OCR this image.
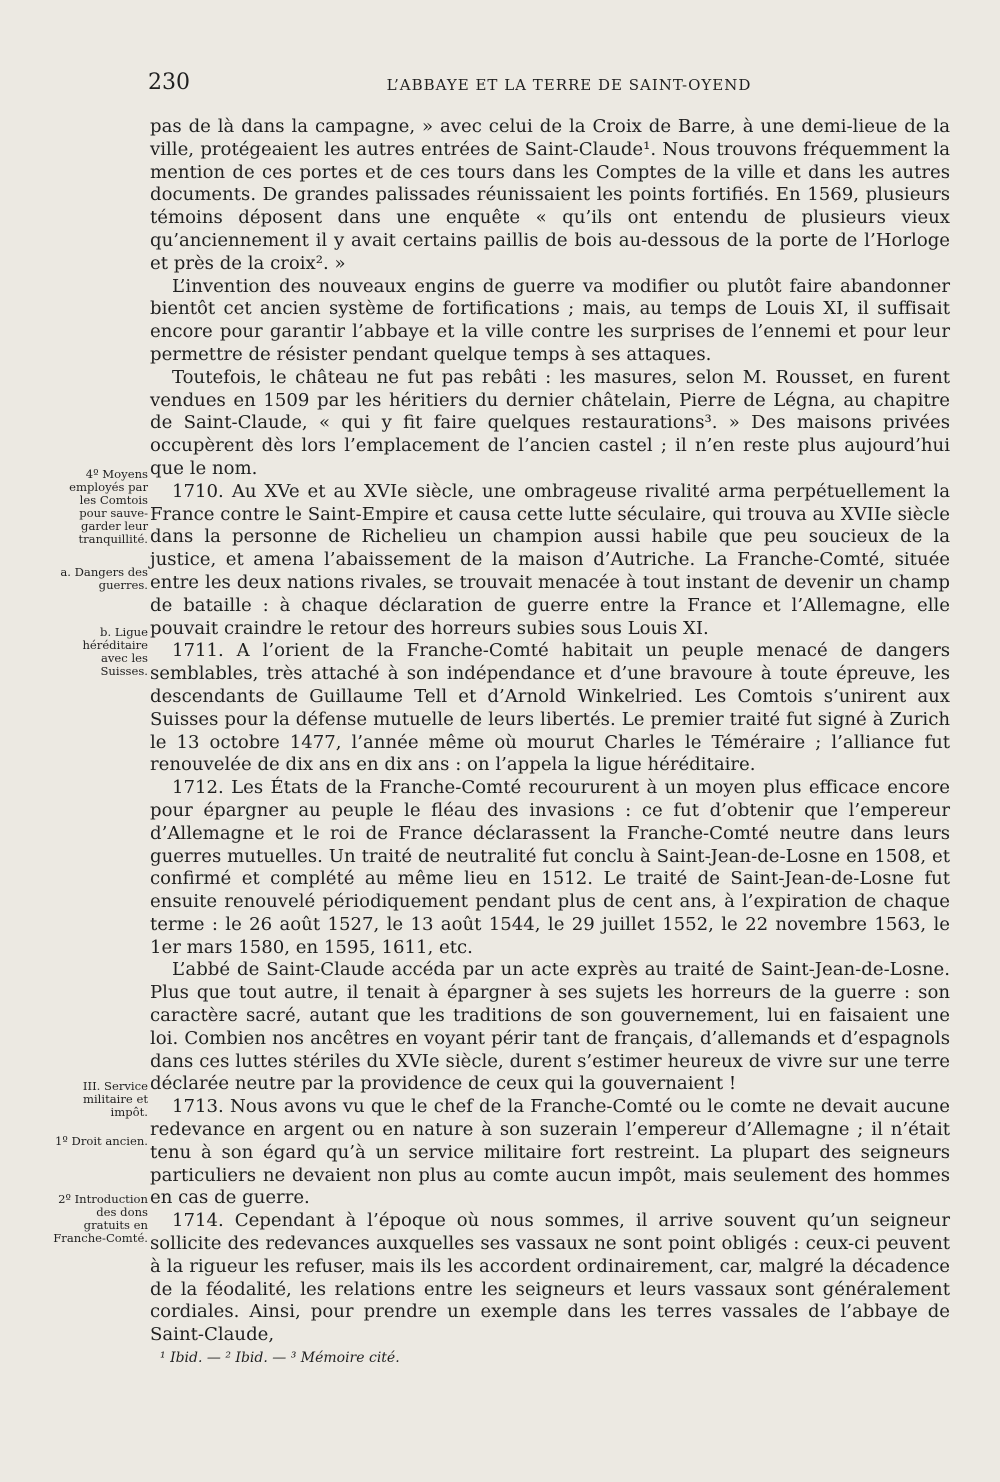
230	L’ABBAYE ET LA TERRE DE SAINT-OYEND
4º Moyens employés par les Comtois pour sauve-garder leur tranquillité.
a. Dangers des guerres.
b. Ligue héréditaire avec les Suisses.
III. Service militaire et impôt.
1º Droit ancien.
2º Introduction des dons gratuits en Franche-Comté.

pas de là dans la campagne, » avec celui de la Croix de Barre, à une demi-lieue de la ville, protégeaient les autres entrées de Saint-Claude¹. Nous trouvons fréquemment la mention de ces portes et de ces tours dans les Comptes de la ville et dans les autres documents. De grandes palissades réunissaient les points fortifiés. En 1569, plusieurs témoins déposent dans une enquête « qu’ils ont entendu de plusieurs vieux qu’anciennement il y avait certains paillis de bois au-dessous de la porte de l’Horloge et près de la croix². »

L’invention des nouveaux engins de guerre va modifier ou plutôt faire abandonner bientôt cet ancien système de fortifications ; mais, au temps de Louis XI, il suffisait encore pour garantir l’abbaye et la ville contre les surprises de l’ennemi et pour leur permettre de résister pendant quelque temps à ses attaques.

Toutefois, le château ne fut pas rebâti : les masures, selon M. Rousset, en furent vendues en 1509 par les héritiers du dernier châtelain, Pierre de Légna, au chapitre de Saint-Claude, « qui y fit faire quelques restaurations³. » Des maisons privées occupèrent dès lors l’emplacement de l’ancien castel ; il n’en reste plus aujourd’hui que le nom.

1710. Au XVe et au XVIe siècle, une ombrageuse rivalité arma perpétuellement la France contre le Saint-Empire et causa cette lutte séculaire, qui trouva au XVIIe siècle dans la personne de Richelieu un champion aussi habile que peu soucieux de la justice, et amena l’abaissement de la maison d’Autriche. La Franche-Comté, située entre les deux nations rivales, se trouvait menacée à tout instant de devenir un champ de bataille : à chaque déclaration de guerre entre la France et l’Allemagne, elle pouvait craindre le retour des horreurs subies sous Louis XI.

1711. A l’orient de la Franche-Comté habitait un peuple menacé de dangers semblables, très attaché à son indépendance et d’une bravoure à toute épreuve, les descendants de Guillaume Tell et d’Arnold Winkelried. Les Comtois s’unirent aux Suisses pour la défense mutuelle de leurs libertés. Le premier traité fut signé à Zurich le 13 octobre 1477, l’année même où mourut Charles le Téméraire ; l’alliance fut renouvelée de dix ans en dix ans : on l’appela la ligue héréditaire.

1712. Les États de la Franche-Comté recoururent à un moyen plus efficace encore pour épargner au peuple le fléau des invasions : ce fut d’obtenir que l’empereur d’Allemagne et le roi de France déclarassent la Franche-Comté neutre dans leurs guerres mutuelles. Un traité de neutralité fut conclu à Saint-Jean-de-Losne en 1508, et confirmé et complété au même lieu en 1512. Le traité de Saint-Jean-de-Losne fut ensuite renouvelé périodiquement pendant plus de cent ans, à l’expiration de chaque terme : le 26 août 1527, le 13 août 1544, le 29 juillet 1552, le 22 novembre 1563, le 1er mars 1580, en 1595, 1611, etc.

L’abbé de Saint-Claude accéda par un acte exprès au traité de Saint-Jean-de-Losne. Plus que tout autre, il tenait à épargner à ses sujets les horreurs de la guerre : son caractère sacré, autant que les traditions de son gouvernement, lui en faisaient une loi. Combien nos ancêtres en voyant périr tant de français, d’allemands et d’espagnols dans ces luttes stériles du XVIe siècle, durent s’estimer heureux de vivre sur une terre déclarée neutre par la providence de ceux qui la gouvernaient !

1713. Nous avons vu que le chef de la Franche-Comté ou le comte ne devait aucune redevance en argent ou en nature à son suzerain l’empereur d’Allemagne ; il n’était tenu à son égard qu’à un service militaire fort restreint. La plupart des seigneurs particuliers ne devaient non plus au comte aucun impôt, mais seulement des hommes en cas de guerre.

1714. Cependant à l’époque où nous sommes, il arrive souvent qu’un seigneur sollicite des redevances auxquelles ses vassaux ne sont point obligés : ceux-ci peuvent à la rigueur les refuser, mais ils les accordent ordinairement, car, malgré la décadence de la féodalité, les relations entre les seigneurs et leurs vassaux sont généralement cordiales. Ainsi, pour prendre un exemple dans les terres vassales de l’abbaye de Saint-Claude,

¹ Ibid. — ² Ibid. — ³ Mémoire cité.
